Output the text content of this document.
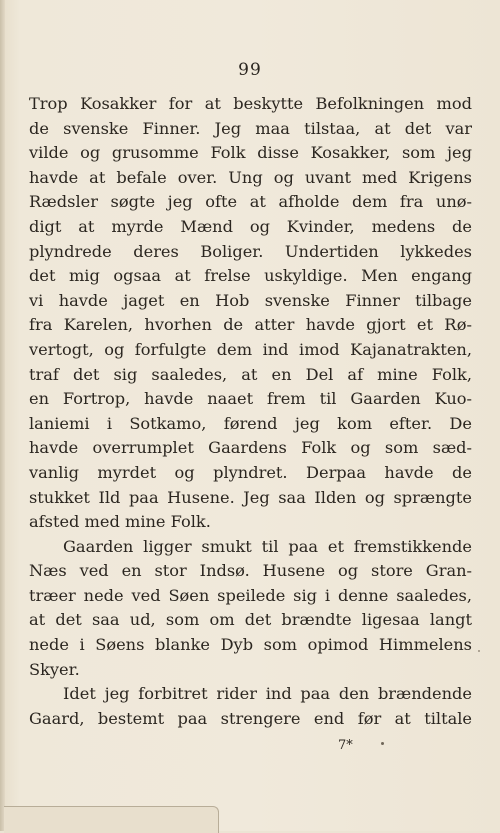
99
Trop Kosakker for at beskytte Befolkningen mod
de svenske Finner. Jeg maa tilstaa, at det var
vilde og grusomme Folk disse Kosakker, som jeg
havde at befale over. Ung og uvant med Krigens
Rædsler søgte jeg ofte at afholde dem fra unø-
digt at myrde Mænd og Kvinder, medens de
plyndrede deres Boliger. Undertiden lykkedes
det mig ogsaa at frelse uskyldige. Men engang
vi havde jaget en Hob svenske Finner tilbage
fra Karelen, hvorhen de atter havde gjort et Rø-
vertogt, og forfulgte dem ind imod Kajanatrakten,
traf det sig saaledes, at en Del af mine Folk,
en Fortrop, havde naaet frem til Gaarden Kuo-
laniemi i Sotkamo, førend jeg kom efter. De
havde overrumplet Gaardens Folk og som sæd-
vanlig myrdet og plyndret. Derpaa havde de
stukket Ild paa Husene. Jeg saa Ilden og sprængte
afsted med mine Folk.
Gaarden ligger smukt til paa et fremstikkende
Næs ved en stor Indsø. Husene og store Gran-
træer nede ved Søen speilede sig i denne saaledes,
at det saa ud, som om det brændte ligesaa langt
nede i Søens blanke Dyb som opimod Himmelens
Skyer.
Idet jeg forbitret rider ind paa den brændende
Gaard, bestemt paa strengere end før at tiltale
7*
